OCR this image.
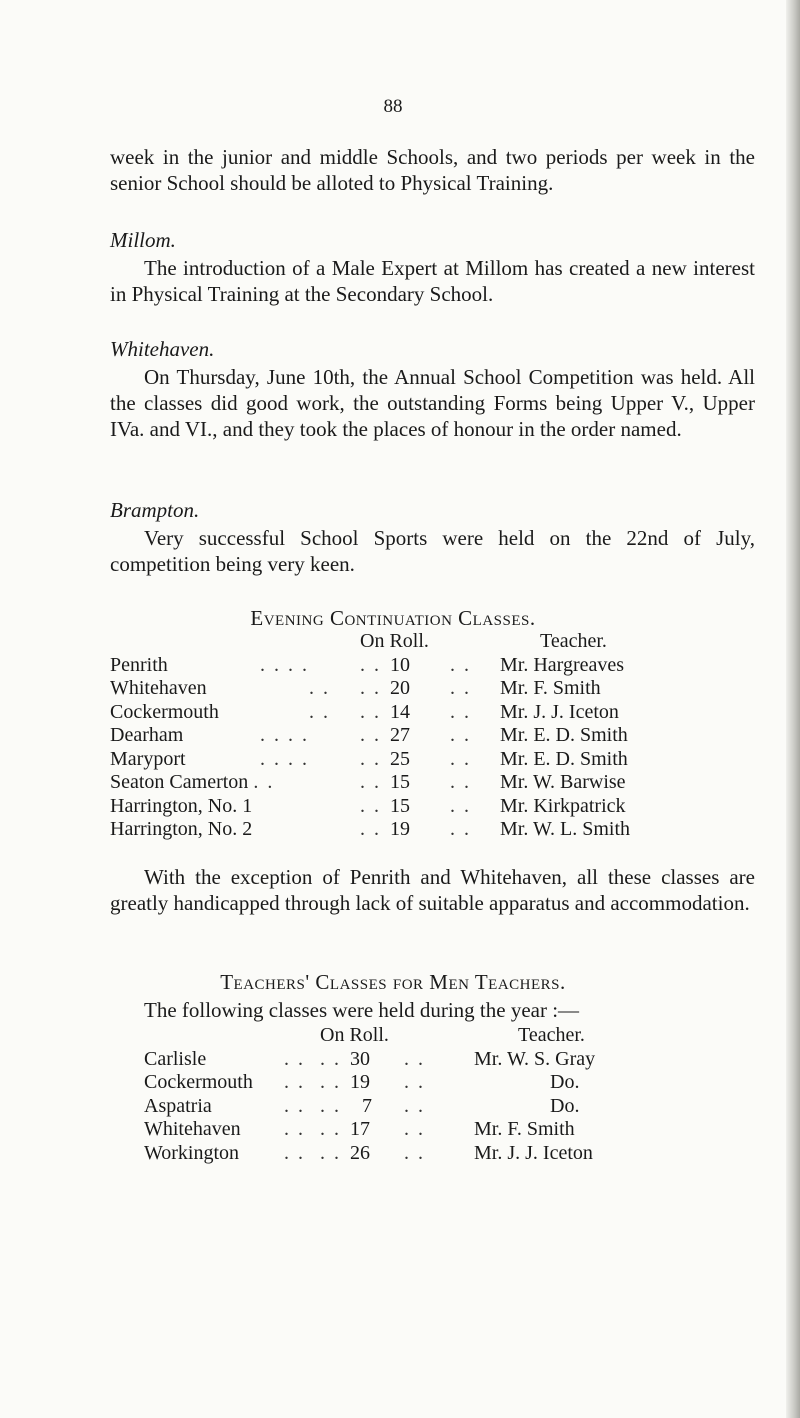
88

week in the junior and middle Schools, and two periods per week in the senior School should be alloted to Physical Training.

Millom.

The introduction of a Male Expert at Millom has created a new interest in Physical Training at the Secondary School.

Whitehaven.

On Thursday, June 10th, the Annual School Competition was held. All the classes did good work, the outstanding Forms being Upper V., Upper IVa. and VI., and they took the places of honour in the order named.

Brampton.

Very successful School Sports were held on the 22nd of July, competition being very keen.

Evening Continuation Classes.

		On Roll.			Teacher.
Penrith	. . . .	. .	10	. .	Mr. Hargreaves
Whitehaven	. .	. .	20	. .	Mr. F. Smith
Cockermouth	. .	. .	14	. .	Mr. J. J. Iceton
Dearham	. . . .	. .	27	. .	Mr. E. D. Smith
Maryport	. . . .	. .	25	. .	Mr. E. D. Smith
Seaton Camerton . .		. .	15	. .	Mr. W. Barwise
Harrington, No. 1		. .	15	. .	Mr. Kirkpatrick
Harrington, No. 2		. .	19	. .	Mr. W. L. Smith

With the exception of Penrith and Whitehaven, all these classes are greatly handicapped through lack of suitable apparatus and accommodation.

Teachers' Classes for Men Teachers.

The following classes were held during the year :—

		On Roll.			Teacher.
Carlisle	. .	. .	30	. .	Mr. W. S. Gray
Cockermouth	. .	. .	19	. .	Do.
Aspatria	. .	. .	7	. .	Do.
Whitehaven	. .	. .	17	. .	Mr. F. Smith
Workington	. .	. .	26	. .	Mr. J. J. Iceton
